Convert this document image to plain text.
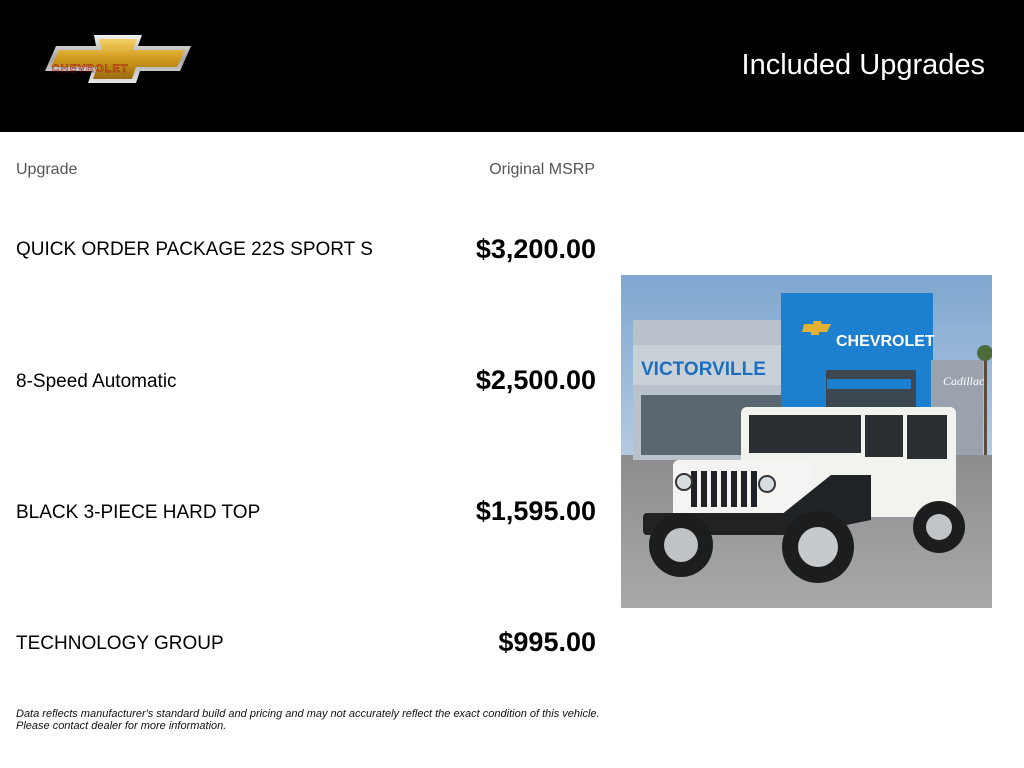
CHEVROLET	Included Upgrades
Upgrade	Original MSRP
QUICK ORDER PACKAGE 22S SPORT S	$3,200.00
8-Speed Automatic	$2,500.00
BLACK 3-PIECE HARD TOP	$1,595.00
TECHNOLOGY GROUP	$995.00
VICTORVILLE
CHEVROLET
Cadillac
Data reflects manufacturer's standard build and pricing and may not accurately reflect the exact condition of this vehicle.
Please contact dealer for more information.
